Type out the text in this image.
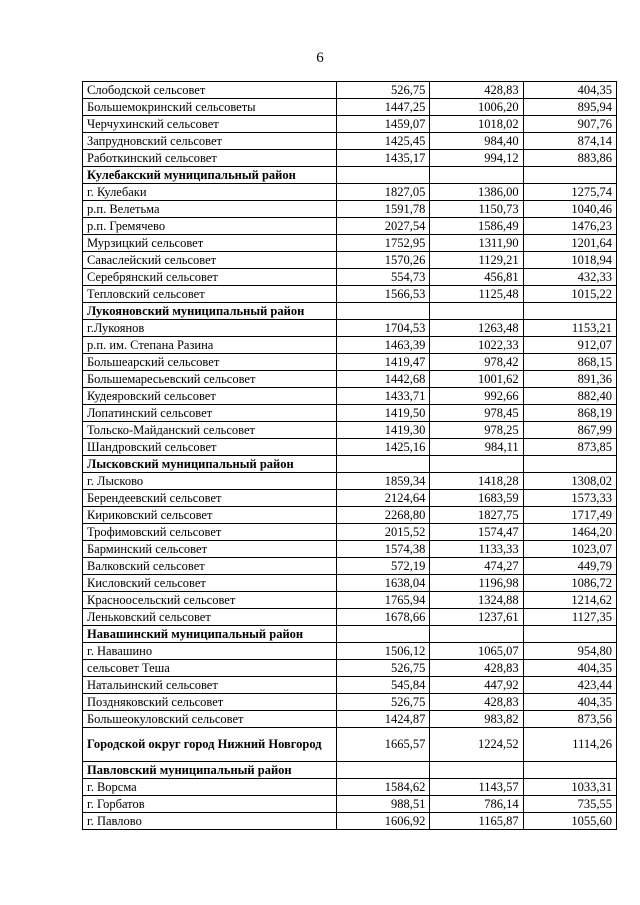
6
Слободской сельсовет	526,75	428,83	404,35
Большемокринский сельсоветы	1447,25	1006,20	895,94
Черчухинский сельсовет	1459,07	1018,02	907,76
Запрудновский сельсовет	1425,45	984,40	874,14
Работкинский сельсовет	1435,17	994,12	883,86
Кулебакский муниципальный район			
г. Кулебаки	1827,05	1386,00	1275,74
р.п. Велетьма	1591,78	1150,73	1040,46
р.п. Гремячево	2027,54	1586,49	1476,23
Мурзицкий сельсовет	1752,95	1311,90	1201,64
Саваслейский сельсовет	1570,26	1129,21	1018,94
Серебрянский сельсовет	554,73	456,81	432,33
Тепловский сельсовет	1566,53	1125,48	1015,22
Лукояновский муниципальный район			
г.Лукоянов	1704,53	1263,48	1153,21
р.п. им. Степана Разина	1463,39	1022,33	912,07
Большеарский сельсовет	1419,47	978,42	868,15
Большемаресьевский сельсовет	1442,68	1001,62	891,36
Кудеяровский сельсовет	1433,71	992,66	882,40
Лопатинский сельсовет	1419,50	978,45	868,19
Тольско-Майданский сельсовет	1419,30	978,25	867,99
Шандровский сельсовет	1425,16	984,11	873,85
Лысковский муниципальный район			
г. Лысково	1859,34	1418,28	1308,02
Берендеевский сельсовет	2124,64	1683,59	1573,33
Кириковский сельсовет	2268,80	1827,75	1717,49
Трофимовский сельсовет	2015,52	1574,47	1464,20
Барминский сельсовет	1574,38	1133,33	1023,07
Валковский сельсовет	572,19	474,27	449,79
Кисловский сельсовет	1638,04	1196,98	1086,72
Красноосельский сельсовет	1765,94	1324,88	1214,62
Леньковский сельсовет	1678,66	1237,61	1127,35
Навашинский муниципальный район			
г. Навашино	1506,12	1065,07	954,80
сельсовет Теша	526,75	428,83	404,35
Натальинский сельсовет	545,84	447,92	423,44
Поздняковский сельсовет	526,75	428,83	404,35
Большеокуловский сельсовет	1424,87	983,82	873,56
Городской округ город Нижний Новгород	1665,57	1224,52	1114,26
Павловский муниципальный район			
г. Ворсма	1584,62	1143,57	1033,31
г. Горбатов	988,51	786,14	735,55
г. Павлово	1606,92	1165,87	1055,60
